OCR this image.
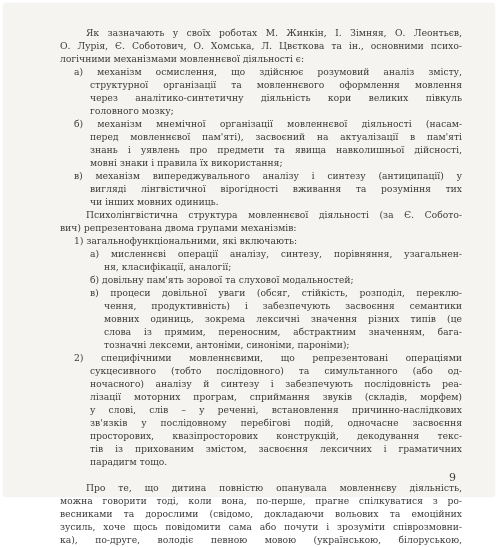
Як зазначають у своїх роботах М. Жинкін, І. Зімняя, О. Леонтьєв,

О. Лурія, Є. Соботович, О. Хомська, Л. Цвєткова та ін., основними психо-

логічними механізмами мовленнєвої діяльності є:

а) механізм осмислення, що здійснює розумовий аналіз змісту,

структурної організації та мовленнєвого оформлення мовлення

через аналітико-синтетичну діяльність кори великих півкуль

головного мозку;

б) механізм мнемічної організації мовленнєвої діяльності (насам-

перед мовленнєвої пам'яті), засвоєний на актуалізації в пам'яті

знань і уявлень про предмети та явища навколишньої дійсності,

мовні знаки і правила їх використання;

в) механізм випереджувального аналізу і синтезу (антиципації) у

вигляді лінгвістичної вірогідності вживання та розуміння тих

чи інших мовних одиниць.

Психолінгвістична структура мовленнєвої діяльності (за Є. Собото-

вич) репрезентована двома групами механізмів:

1) загальнофункціональними, які включають:

а) мисленнєві операції аналізу, синтезу, порівняння, узагальнен-

ня, класифікації, аналогії;

б) довільну пам'ять зорової та слухової модальностей;

в) процеси довільної уваги (обсяг, стійкість, розподіл, переклю-

чення, продуктивність) і забезпечують засвоєння семантики

мовних одиниць, зокрема лексичні значення різних типів (це

слова із прямим, переносним, абстрактним значенням, бага-

тозначні лексеми, антоніми, синоніми, пароніми);

2) специфічними мовленнєвими, що репрезентовані операціями

сукцесивного (тобто послідовного) та симультанного (або од-

ночасного) аналізу й синтезу і забезпечують послідовність реа-

лізації моторних програм, сприймання звуків (складів, морфем)

у слові, слів – у реченні, встановлення причинно-наслідкових

зв'язків у послідовному перебігові подій, одночасне засвоєння

просторових, квазіпросторових конструкцій, декодування текс-

тів із прихованим змістом, засвоєння лексичних і граматичних

парадигм тощо.

Про те, що дитина повністю опанувала мовленнєву діяльність,

можна говорити тоді, коли вона, по-перше, прагне спілкуватися з ро-

весниками та дорослими (свідомо, докладаючи вольових та емоційних

зусиль, хоче щось повідомити сама або почути і зрозуміти співрозмовни-

ка), по-друге, володіє певною мовою (українською, білоруською,

9
